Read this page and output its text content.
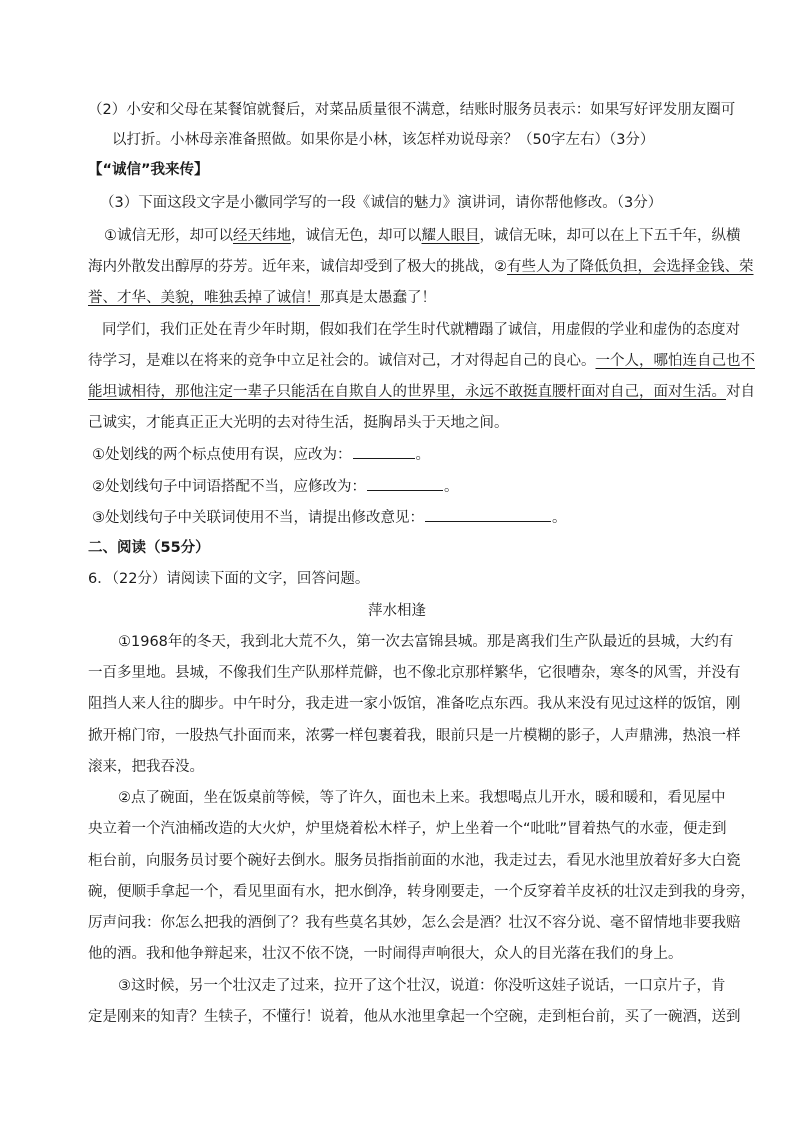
（2）小安和父母在某餐馆就餐后，对菜品质量很不满意，结账时服务员表示：如果写好评发朋友圈可
以打折。小林母亲准备照做。如果你是小林，该怎样劝说母亲？（50字左右）（3分）
【“诚信”我来传】
（3）下面这段文字是小徽同学写的一段《诚信的魅力》演讲词，请你帮他修改。（3分）
①诚信无形，却可以经天纬地，诚信无色，却可以耀人眼目，诚信无味，却可以在上下五千年，纵横
海内外散发出醇厚的芬芳。近年来，诚信却受到了极大的挑战，②有些人为了降低负担，会选择金钱、荣
誉、才华、美貌，唯独丢掉了诚信！那真是太愚蠢了！
同学们，我们正处在青少年时期，假如我们在学生时代就糟蹋了诚信，用虚假的学业和虚伪的态度对
待学习，是难以在将来的竞争中立足社会的。诚信对己，才对得起自己的良心。一个人，哪怕连自己也不
能坦诚相待，那他注定一辈子只能活在自欺自人的世界里，永远不敢挺直腰杆面对自己，面对生活。对自
己诚实，才能真正正大光明的去对待生活，挺胸昂头于天地之间。
①处划线的两个标点使用有误，应改为：	。
②处划线句子中词语搭配不当，应修改为：	。
③处划线句子中关联词使用不当，请提出修改意见：	。
二、阅读（55分）
6．（22分）请阅读下面的文字，回答问题。
萍水相逢
①1968年的冬天，我到北大荒不久，第一次去富锦县城。那是离我们生产队最近的县城，大约有
一百多里地。县城，不像我们生产队那样荒僻，也不像北京那样繁华，它很嘈杂，寒冬的风雪，并没有
阻挡人来人往的脚步。中午时分，我走进一家小饭馆，准备吃点东西。我从来没有见过这样的饭馆，刚
掀开棉门帘，一股热气扑面而来，浓雾一样包裹着我，眼前只是一片模糊的影子，人声鼎沸，热浪一样
滚来，把我吞没。
②点了碗面，坐在饭桌前等候，等了许久，面也未上来。我想喝点儿开水，暖和暖和，看见屋中
央立着一个汽油桶改造的大火炉，炉里烧着松木样子，炉上坐着一个“吡吡”冒着热气的水壶，便走到
柜台前，向服务员讨要个碗好去倒水。服务员指指前面的水池，我走过去，看见水池里放着好多大白瓷
碗，便顺手拿起一个，看见里面有水，把水倒净，转身刚要走，一个反穿着羊皮袄的壮汉走到我的身旁，
厉声问我：你怎么把我的酒倒了？我有些莫名其妙，怎么会是酒？壮汉不容分说、毫不留情地非要我赔
他的酒。我和他争辩起来，壮汉不依不饶，一时闹得声响很大，众人的目光落在我们的身上。
③这时候，另一个壮汉走了过来，拉开了这个壮汉，说道：你没听这娃子说话，一口京片子，肯
定是刚来的知青？生犊子，不懂行！说着，他从水池里拿起一个空碗，走到柜台前，买了一碗酒，送到
